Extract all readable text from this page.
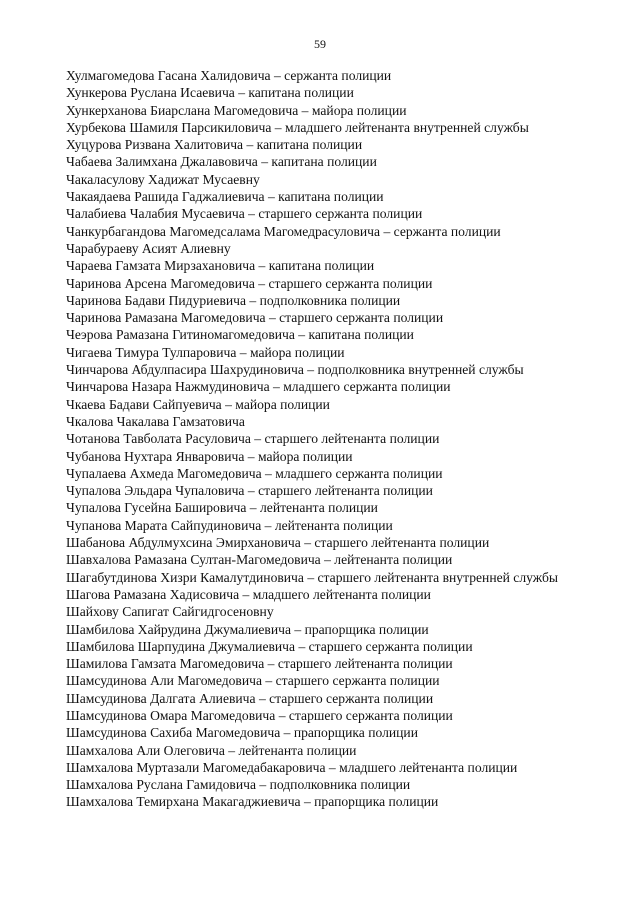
59
Хулмагомедова Гасана Халидовича – сержанта полиции
Хункерова Руслана Исаевича – капитана полиции
Хункерханова Биарслана Магомедовича – майора полиции
Хурбекова Шамиля Парсикиловича – младшего лейтенанта внутренней службы
Хуцурова Ризвана Халитовича – капитана полиции
Чабаева Залимхана Джалавовича – капитана полиции
Чакаласулову Хадижат Мусаевну
Чакаядаева Рашида Гаджалиевича – капитана полиции
Чалабиева Чалабия Мусаевича – старшего сержанта полиции
Чанкурбагандова Магомедсалама Магомедрасуловича – сержанта полиции
Чарабураеву Асият Алиевну
Чараева Гамзата Мирзахановича – капитана полиции
Чаринова Арсена Магомедовича – старшего сержанта полиции
Чаринова Бадави Пидуриевича – подполковника полиции
Чаринова Рамазана Магомедовича – старшего сержанта полиции
Чеэрова Рамазана Гитиномагомедовича – капитана полиции
Чигаева Тимура Тулпаровича – майора полиции
Чинчарова Абдулпасира Шахрудиновича – подполковника внутренней службы
Чинчарова Назара Нажмудиновича – младшего сержанта полиции
Чкаева Бадави Сайпуевича – майора полиции
Чкалова Чакалава Гамзатовича
Чотанова Тавболата Расуловича – старшего лейтенанта полиции
Чубанова Нухтара Январовича – майора полиции
Чупалаева Ахмеда Магомедовича – младшего сержанта полиции
Чупалова Эльдара Чупаловича – старшего лейтенанта полиции
Чупалова Гусейна Башировича – лейтенанта полиции
Чупанова Марата Сайпудиновича – лейтенанта полиции
Шабанова Абдулмухсина Эмирхановича – старшего лейтенанта полиции
Шавхалова Рамазана Султан-Магомедовича – лейтенанта полиции
Шагабутдинова Хизри Камалутдиновича – старшего лейтенанта внутренней службы
Шагова Рамазана Хадисовича – младшего лейтенанта полиции
Шайхову Сапигат Сайгидгосеновну
Шамбилова Хайрудина Джумалиевича – прапорщика полиции
Шамбилова Шарпудина Джумалиевича – старшего сержанта полиции
Шамилова Гамзата Магомедовича – старшего лейтенанта полиции
Шамсудинова Али Магомедовича – старшего сержанта полиции
Шамсудинова Далгата Алиевича – старшего сержанта полиции
Шамсудинова Омара Магомедовича – старшего сержанта полиции
Шамсудинова Сахиба Магомедовича – прапорщика полиции
Шамхалова Али Олеговича – лейтенанта полиции
Шамхалова Муртазали Магомедабакаровича – младшего лейтенанта полиции
Шамхалова Руслана Гамидовича – подполковника полиции
Шамхалова Темирхана Макагаджиевича – прапорщика полиции
